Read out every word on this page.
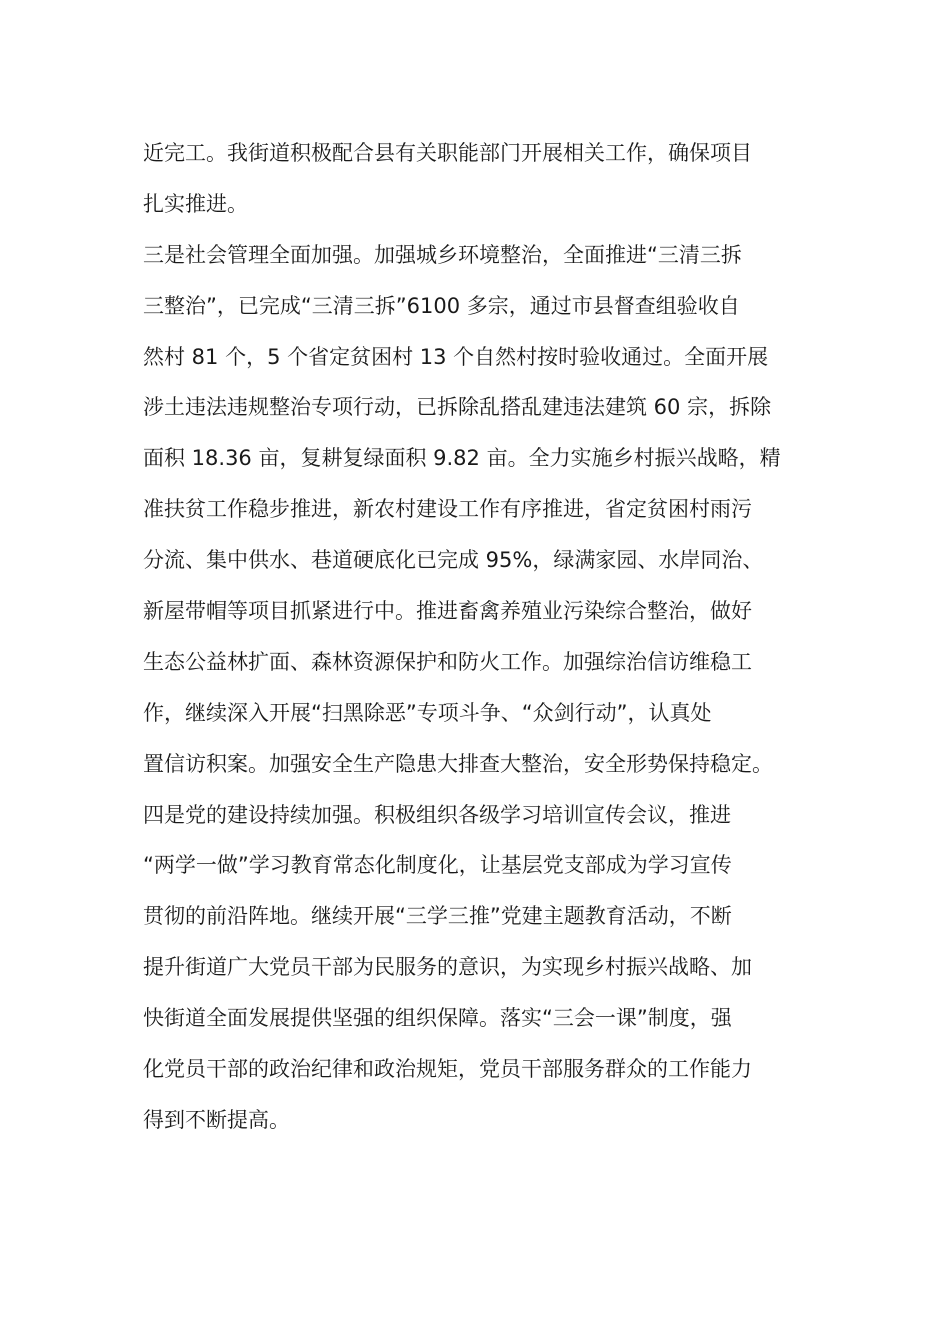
近完工。我街道积极配合县有关职能部门开展相关工作，确保项目
扎实推进。
三是社会管理全面加强。加强城乡环境整治，全面推进“三清三拆
三整治”，已完成“三清三拆”6100 多宗，通过市县督查组验收自
然村 81 个，5 个省定贫困村 13 个自然村按时验收通过。全面开展
涉土违法违规整治专项行动，已拆除乱搭乱建违法建筑 60 宗，拆除
面积 18.36 亩，复耕复绿面积 9.82 亩。全力实施乡村振兴战略，精
准扶贫工作稳步推进，新农村建设工作有序推进，省定贫困村雨污
分流、集中供水、巷道硬底化已完成 95%，绿满家园、水岸同治、
新屋带帽等项目抓紧进行中。推进畜禽养殖业污染综合整治，做好
生态公益林扩面、森林资源保护和防火工作。加强综治信访维稳工
作，继续深入开展“扫黑除恶”专项斗争、“众剑行动”，认真处
置信访积案。加强安全生产隐患大排查大整治，安全形势保持稳定。
四是党的建设持续加强。积极组织各级学习培训宣传会议，推进
“两学一做”学习教育常态化制度化，让基层党支部成为学习宣传
贯彻的前沿阵地。继续开展“三学三推”党建主题教育活动，不断
提升街道广大党员干部为民服务的意识，为实现乡村振兴战略、加
快街道全面发展提供坚强的组织保障。落实“三会一课”制度，强
化党员干部的政治纪律和政治规矩，党员干部服务群众的工作能力
得到不断提高。
